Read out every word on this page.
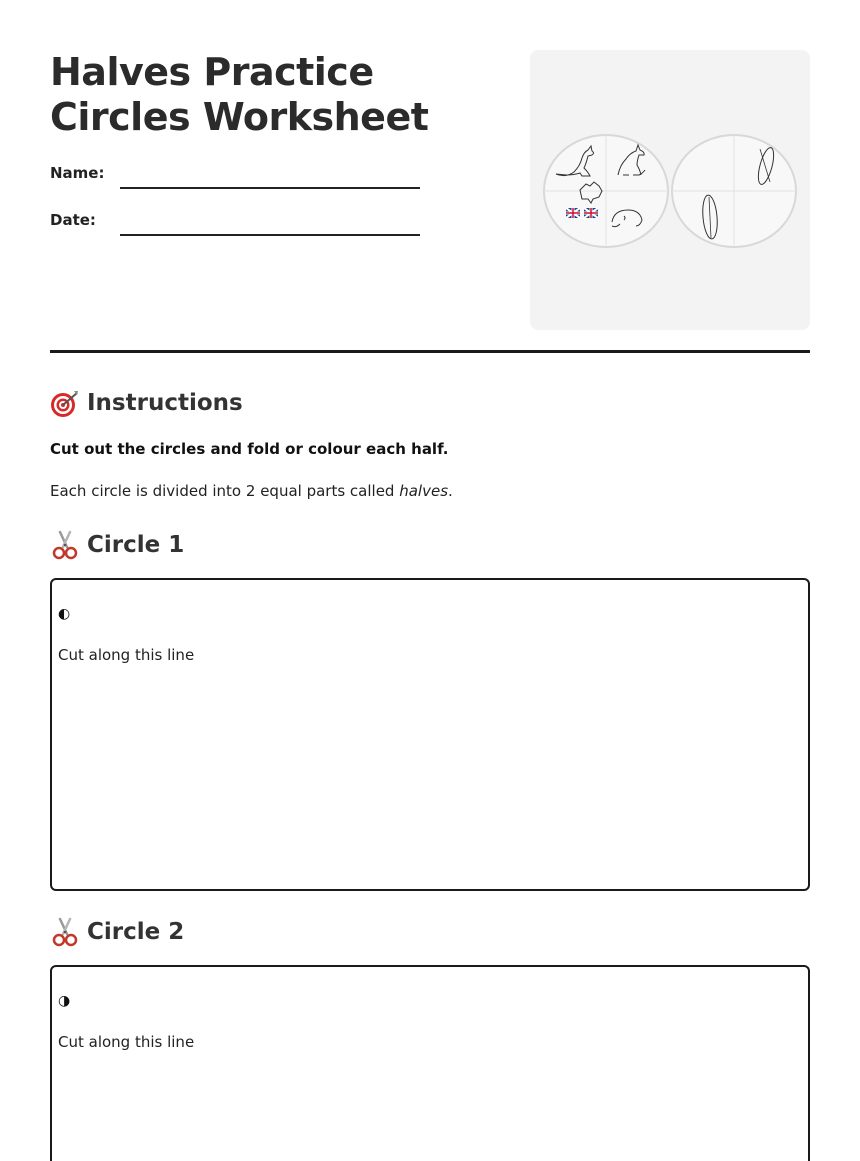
Halves Practice Circles Worksheet
Name:
Date:
Instructions
Cut out the circles and fold or colour each half.
Each circle is divided into 2 equal parts called halves.
Circle 1
◐
Cut along this line
Circle 2
◑
Cut along this line
